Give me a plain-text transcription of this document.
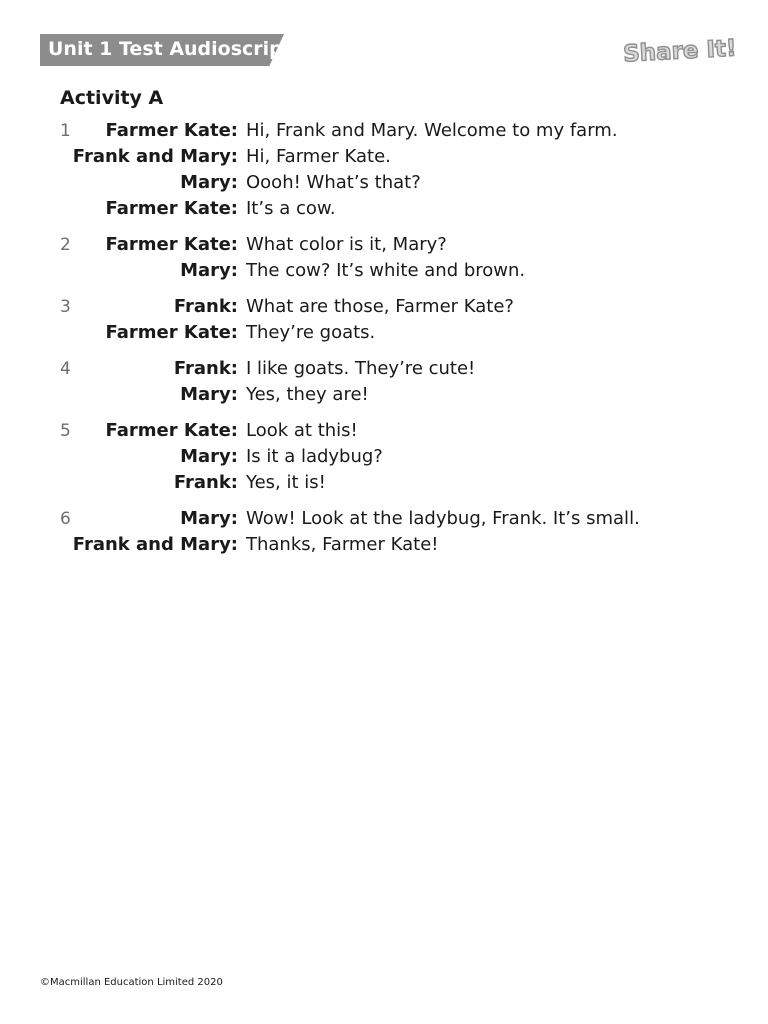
Unit 1 Test Audioscript	Share It!
Activity A
1	Farmer Kate: Hi, Frank and Mary. Welcome to my farm.
Frank and Mary: Hi, Farmer Kate.
Mary: Oooh! What’s that?
Farmer Kate: It’s a cow.
2	Farmer Kate: What color is it, Mary?
Mary: The cow? It’s white and brown.
3	Frank: What are those, Farmer Kate?
Farmer Kate: They’re goats.
4	Frank: I like goats. They’re cute!
Mary: Yes, they are!
5	Farmer Kate: Look at this!
Mary: Is it a ladybug?
Frank: Yes, it is!
6	Mary: Wow! Look at the ladybug, Frank. It’s small.
Frank and Mary: Thanks, Farmer Kate!
©Macmillan Education Limited 2020
